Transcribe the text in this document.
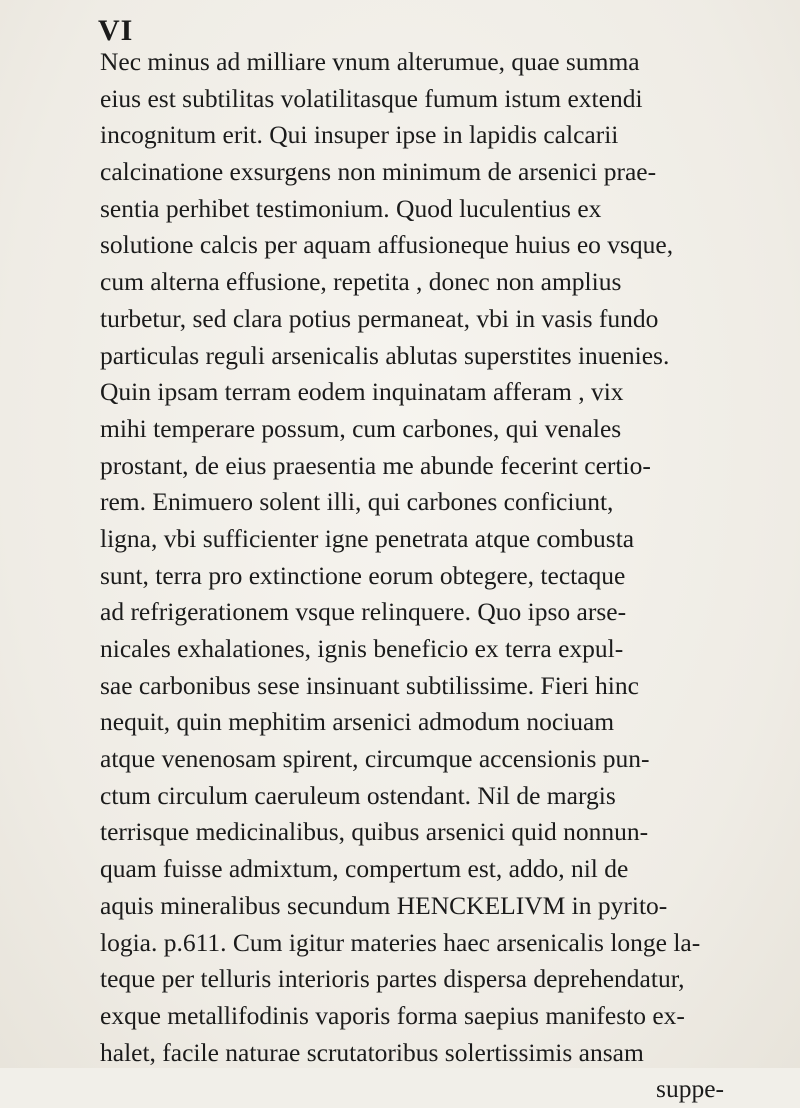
VI
Nec minus ad milliare vnum alterumue, quae summa
eius est subtilitas volatilitasque fumum istum extendi
incognitum erit. Qui insuper ipse in lapidis calcarii
calcinatione exsurgens non minimum de arsenici prae-
sentia perhibet testimonium. Quod luculentius ex
solutione calcis per aquam affusioneque huius eo vsque,
cum alterna effusione, repetita , donec non amplius
turbetur, sed clara potius permaneat, vbi in vasis fundo
particulas reguli arsenicalis ablutas superstites inuenies.
Quin ipsam terram eodem inquinatam afferam , vix
mihi temperare possum, cum carbones, qui venales
prostant, de eius praesentia me abunde fecerint certio-
rem. Enimuero solent illi, qui carbones conficiunt,
ligna, vbi sufficienter igne penetrata atque combusta
sunt, terra pro extinctione eorum obtegere, tectaque
ad refrigerationem vsque relinquere. Quo ipso arse-
nicales exhalationes, ignis beneficio ex terra expul-
sae carbonibus sese insinuant subtilissime. Fieri hinc
nequit, quin mephitim arsenici admodum nociuam
atque venenosam spirent, circumque accensionis pun-
ctum circulum caeruleum ostendant. Nil de margis
terrisque medicinalibus, quibus arsenici quid nonnun-
quam fuisse admixtum, compertum est, addo, nil de
aquis mineralibus secundum HENCKELIVM in pyrito-
logia. p.611. Cum igitur materies haec arsenicalis longe la-
teque per telluris interioris partes dispersa deprehendatur,
exque metallifodinis vaporis forma saepius manifesto ex-
halet, facile naturae scrutatoribus solertissimis ansam
suppe-
